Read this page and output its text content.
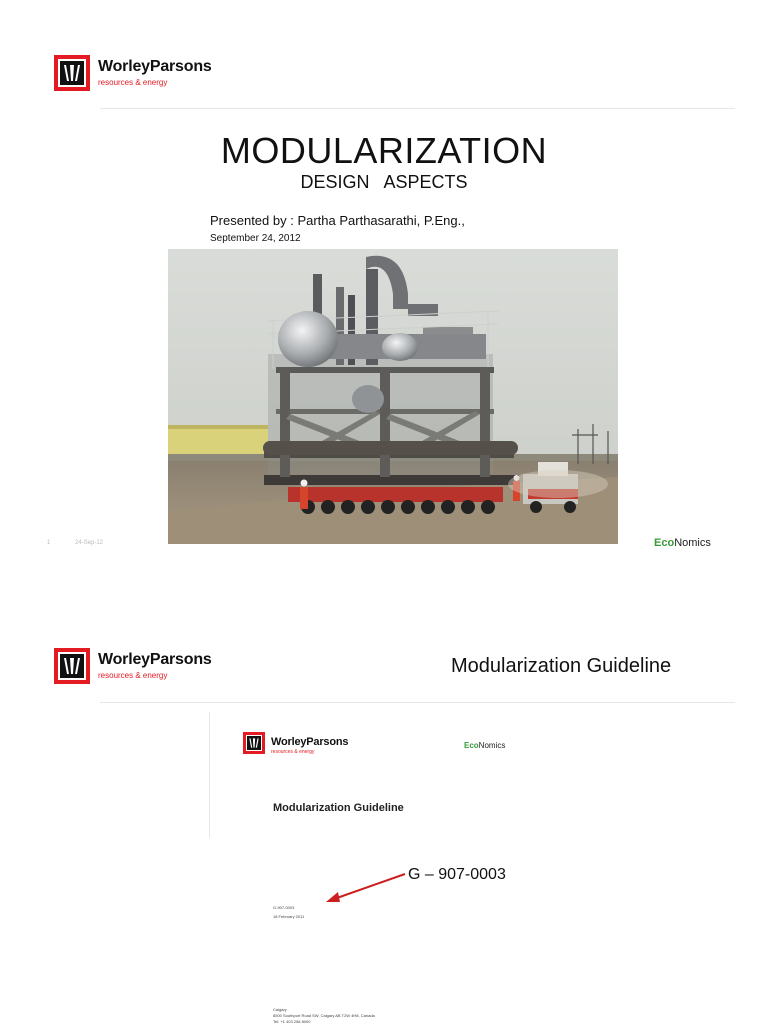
WorleyParsons
resources & energy
MODULARIZATION
DESIGN ASPECTS
Presented by : Partha Parthasarathi, P.Eng.,
September 24, 2012
1	24-Sep-12	EcoNomics
WorleyParsons
resources & energy	Modularization Guideline
WorleyParsons
resources & energy
EcoNomics
Modularization Guideline
G-907-0003
18 February 2011
G – 907-0003
Calgary
8500 Southport Road SW, Calgary AB T2W 4H8, Canada
Tel: +1 403 258 8000
